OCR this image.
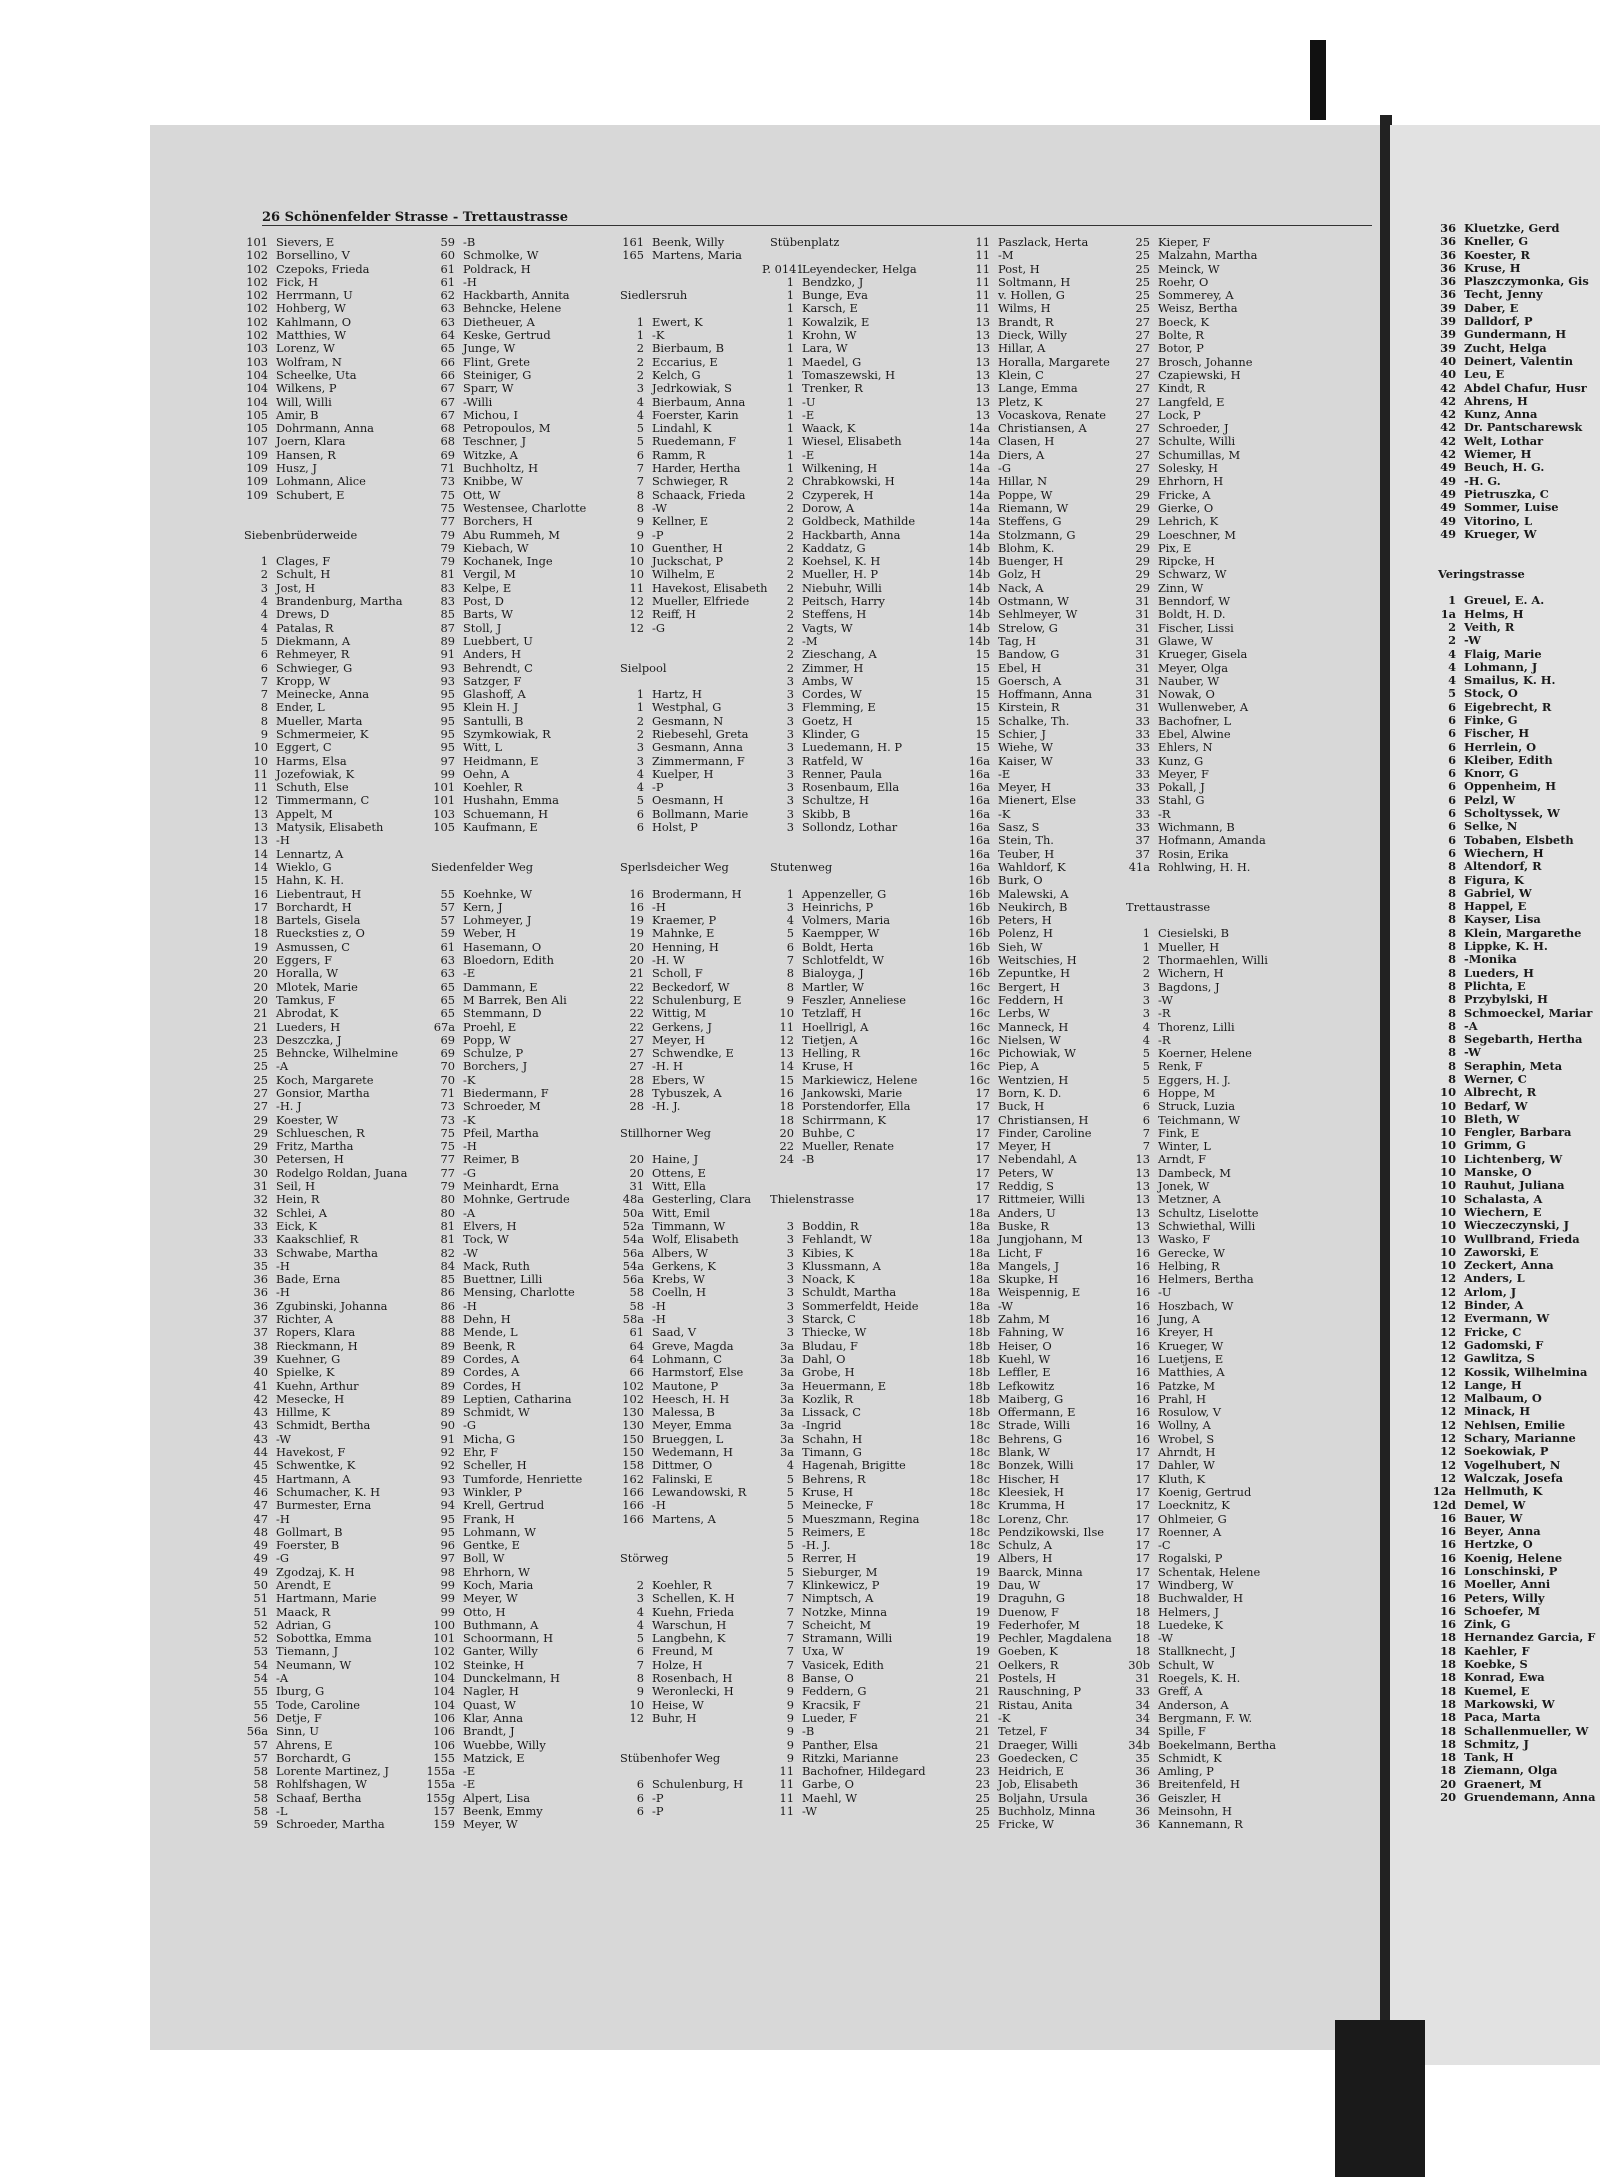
26 Schönenfelder Strasse - Trettaustrasse
101 Sievers, E
102 Borsellino, V
102 Czepoks, Frieda
102 Fick, H
102 Herrmann, U
102 Hohberg, W
102 Kahlmann, O
102 Matthies, W
103 Lorenz, W
103 Wolfram, N
104 Scheelke, Uta
104 Wilkens, P
104 Will, Willi
105 Amir, B
105 Dohrmann, Anna
107 Joern, Klara
109 Hansen, R
109 Husz, J
109 Lohmann, Alice
109 Schubert, E
Siebenbrüderweide
1 Clages, F
2 Schult, H
3 Jost, H
4 Brandenburg, Martha
4 Drews, D
4 Patalas, R
5 Diekmann, A
6 Rehmeyer, R
6 Schwieger, G
7 Kropp, W
7 Meinecke, Anna
8 Ender, L
8 Mueller, Marta
9 Schmermeier, K
10 Eggert, C
10 Harms, Elsa
11 Jozefowiak, K
11 Schuth, Else
12 Timmermann, C
13 Appelt, M
13 Matysik, Elisabeth
13 -H
14 Lennartz, A
14 Wieklo, G
15 Hahn, K. H.
16 Liebentraut, H
17 Borchardt, H
18 Bartels, Gisela
18 Ruecksties z, O
19 Asmussen, C
20 Eggers, F
20 Horalla, W
20 Mlotek, Marie
20 Tamkus, F
21 Abrodat, K
21 Lueders, H
23 Deszczka, J
25 Behncke, Wilhelmine
25 -A
25 Koch, Margarete
27 Gonsior, Martha
27 -H. J
29 Koester, W
29 Schlueschen, R
29 Fritz, Martha
30 Petersen, H
30 Rodelgo Roldan, Juana
31 Seil, H
32 Hein, R
32 Schlei, A
33 Eick, K
33 Kaakschlief, R
33 Schwabe, Martha
35 -H
36 Bade, Erna
36 -H
36 Zgubinski, Johanna
37 Richter, A
37 Ropers, Klara
38 Rieckmann, H
39 Kuehner, G
40 Spielke, K
41 Kuehn, Arthur
42 Mesecke, H
43 Hillme, K
43 Schmidt, Bertha
43 -W
44 Havekost, F
45 Schwentke, K
45 Hartmann, A
46 Schumacher, K. H
47 Burmester, Erna
47 -H
48 Gollmart, B
49 Foerster, B
49 -G
49 Zgodzaj, K. H
50 Arendt, E
51 Hartmann, Marie
51 Maack, R
52 Adrian, G
52 Sobottka, Emma
53 Tiemann, J
54 Neumann, W
54 -A
55 Iburg, G
55 Tode, Caroline
56 Detje, F
56a Sinn, U
57 Ahrens, E
57 Borchardt, G
58 Lorente Martinez, J
58 Rohlfshagen, W
58 Schaaf, Bertha
58 -L
59 Schroeder, Martha
59 -B
60 Schmolke, W
61 Poldrack, H
61 -H
62 Hackbarth, Annita
63 Behncke, Helene
63 Dietheuer, A
64 Keske, Gertrud
65 Junge, W
66 Flint, Grete
66 Steiniger, G
67 Sparr, W
67 -Willi
67 Michou, I
68 Petropoulos, M
68 Teschner, J
69 Witzke, A
71 Buchholtz, H
73 Knibbe, W
75 Ott, W
75 Westensee, Charlotte
77 Borchers, H
79 Abu Rummeh, M
79 Kiebach, W
79 Kochanek, Inge
81 Vergil, M
83 Kelpe, E
83 Post, D
85 Barts, W
87 Stoll, J
89 Luebbert, U
91 Anders, H
93 Behrendt, C
93 Satzger, F
95 Glashoff, A
95 Klein H. J
95 Santulli, B
95 Szymkowiak, R
95 Witt, L
97 Heidmann, E
99 Oehn, A
101 Koehler, R
101 Hushahn, Emma
103 Schuemann, H
105 Kaufmann, E
Siedenfelder Weg
55 Koehnke, W
57 Kern, J
57 Lohmeyer, J
59 Weber, H
61 Hasemann, O
63 Bloedorn, Edith
63 -E
65 Dammann, E
65 M Barrek, Ben Ali
65 Stemmann, D
67a Proehl, E
69 Popp, W
69 Schulze, P
70 Borchers, J
70 -K
71 Biedermann, F
73 Schroeder, M
73 -K
75 Pfeil, Martha
75 -H
77 Reimer, B
77 -G
79 Meinhardt, Erna
80 Mohnke, Gertrude
80 -A
81 Elvers, H
81 Tock, W
82 -W
84 Mack, Ruth
85 Buettner, Lilli
86 Mensing, Charlotte
86 -H
88 Dehn, H
88 Mende, L
89 Beenk, R
89 Cordes, A
89 Cordes, A
89 Cordes, H
89 Leptien, Catharina
89 Schmidt, W
90 -G
91 Micha, G
92 Ehr, F
92 Scheller, H
93 Tumforde, Henriette
93 Winkler, P
94 Krell, Gertrud
95 Frank, H
95 Lohmann, W
96 Gentke, E
97 Boll, W
98 Ehrhorn, W
99 Koch, Maria
99 Meyer, W
99 Otto, H
100 Buthmann, A
101 Schoormann, H
102 Ganter, Willy
102 Steinke, H
104 Dunckelmann, H
104 Nagler, H
104 Quast, W
106 Klar, Anna
106 Brandt, J
106 Wuebbe, Willy
155 Matzick, E
155a -E
155a -E
155g Alpert, Lisa
157 Beenk, Emmy
159 Meyer, W
161 Beenk, Willy
165 Martens, Maria
Siedlersruh
1 Ewert, K
1 -K
2 Bierbaum, B
2 Eccarius, E
2 Kelch, G
3 Jedrkowiak, S
4 Bierbaum, Anna
4 Foerster, Karin
5 Lindahl, K
5 Ruedemann, F
6 Ramm, R
7 Harder, Hertha
7 Schwieger, R
8 Schaack, Frieda
8 -W
9 Kellner, E
9 -P
10 Guenther, H
10 Juckschat, P
10 Wilhelm, E
11 Havekost, Elisabeth
12 Mueller, Elfriede
12 Reiff, H
12 -G
Sielpool
1 Hartz, H
1 Westphal, G
2 Gesmann, N
2 Riebesehl, Greta
3 Gesmann, Anna
3 Zimmermann, F
4 Kuelper, H
4 -P
5 Oesmann, H
6 Bollmann, Marie
6 Holst, P
Sperlsdeicher Weg
16 Brodermann, H
16 -H
19 Kraemer, P
19 Mahnke, E
20 Henning, H
20 -H. W
21 Scholl, F
22 Beckedorf, W
22 Schulenburg, E
22 Wittig, M
22 Gerkens, J
27 Meyer, H
27 Schwendke, E
27 -H. H
28 Ebers, W
28 Tybuszek, A
28 -H. J.
Stillhorner Weg
20 Haine, J
20 Ottens, E
31 Witt, Ella
48a Gesterling, Clara
50a Witt, Emil
52a Timmann, W
54a Wolf, Elisabeth
56a Albers, W
54a Gerkens, K
56a Krebs, W
58 Coelln, H
58 -H
58a -H
61 Saad, V
64 Greve, Magda
64 Lohmann, C
66 Harmstorf, Else
102 Mautone, P
102 Heesch, H. H
130 Malessa, B
130 Meyer, Emma
150 Brueggen, L
150 Wedemann, H
158 Dittmer, O
162 Falinski, E
166 Lewandowski, R
166 -H
166 Martens, A
Störweg
2 Koehler, R
3 Schellen, K. H
4 Kuehn, Frieda
4 Warschun, H
5 Langbehn, K
6 Freund, M
7 Holze, H
8 Rosenbach, H
9 Weronlecki, H
10 Heise, W
12 Buhr, H
Stübenhofer Weg
6 Schulenburg, H
6 -P
6 -P
Stübenplatz
P. 0141Leyendecker, Helga
1 Bendzko, J
1 Bunge, Eva
1 Karsch, E
1 Kowalzik, E
1 Krohn, W
1 Lara, W
1 Maedel, G
1 Tomaszewski, H
1 Trenker, R
1 -U
1 -E
1 Waack, K
1 Wiesel, Elisabeth
1 -E
1 Wilkening, H
2 Chrabkowski, H
2 Czyperek, H
2 Dorow, A
2 Goldbeck, Mathilde
2 Hackbarth, Anna
2 Kaddatz, G
2 Koehsel, K. H
2 Mueller, H. P
2 Niebuhr, Willi
2 Peitsch, Harry
2 Steffens, H
2 Vagts, W
2 -M
2 Zieschang, A
2 Zimmer, H
3 Ambs, W
3 Cordes, W
3 Flemming, E
3 Goetz, H
3 Klinder, G
3 Luedemann, H. P
3 Ratfeld, W
3 Renner, Paula
3 Rosenbaum, Ella
3 Schultze, H
3 Skibb, B
3 Sollondz, Lothar
Stutenweg
1 Appenzeller, G
3 Heinrichs, P
4 Volmers, Maria
5 Kaempper, W
6 Boldt, Herta
7 Schlotfeldt, W
8 Bialoyga, J
8 Martler, W
9 Feszler, Anneliese
10 Tetzlaff, H
11 Hoellrigl, A
12 Tietjen, A
13 Helling, R
14 Kruse, H
15 Markiewicz, Helene
16 Jankowski, Marie
18 Porstendorfer, Ella
18 Schirrmann, K
20 Buhbe, C
22 Mueller, Renate
24 -B
Thielenstrasse
3 Boddin, R
3 Fehlandt, W
3 Kibies, K
3 Klussmann, A
3 Noack, K
3 Schuldt, Martha
3 Sommerfeldt, Heide
3 Starck, C
3 Thiecke, W
3a Bludau, F
3a Dahl, O
3a Grobe, H
3a Heuermann, E
3a Kozlik, R
3a Lissack, C
3a -Ingrid
3a Schahn, H
3a Timann, G
4 Hagenah, Brigitte
5 Behrens, R
5 Kruse, H
5 Meinecke, F
5 Mueszmann, Regina
5 Reimers, E
5 -H. J.
5 Rerrer, H
5 Sieburger, M
7 Klinkewicz, P
7 Nimptsch, A
7 Notzke, Minna
7 Scheicht, M
7 Stramann, Willi
7 Uxa, W
7 Vasicek, Edith
8 Banse, O
9 Feddern, G
9 Kracsik, F
9 Lueder, F
9 -B
9 Panther, Elsa
9 Ritzki, Marianne
11 Bachofner, Hildegard
11 Garbe, O
11 Maehl, W
11 -W
11 Paszlack, Herta
11 -M
11 Post, H
11 Soltmann, H
11 v. Hollen, G
11 Wilms, H
13 Brandt, R
13 Dieck, Willy
13 Hillar, A
13 Horalla, Margarete
13 Klein, C
13 Lange, Emma
13 Pletz, K
13 Vocaskova, Renate
14a Christiansen, A
14a Clasen, H
14a Diers, A
14a -G
14a Hillar, N
14a Poppe, W
14a Riemann, W
14a Steffens, G
14a Stolzmann, G
14b Blohm, K.
14b Buenger, H
14b Golz, H
14b Nack, A
14b Ostmann, W
14b Sehlmeyer, W
14b Strelow, G
14b Tag, H
15 Bandow, G
15 Ebel, H
15 Goersch, A
15 Hoffmann, Anna
15 Kirstein, R
15 Schalke, Th.
15 Schier, J
15 Wiehe, W
16a Kaiser, W
16a -E
16a Meyer, H
16a Mienert, Else
16a -K
16a Sasz, S
16a Stein, Th.
16a Teuber, H
16a Wahldorf, K
16b Burk, O
16b Malewski, A
16b Neukirch, B
16b Peters, H
16b Polenz, H
16b Sieh, W
16b Weitschies, H
16b Zepuntke, H
16c Bergert, H
16c Feddern, H
16c Lerbs, W
16c Manneck, H
16c Nielsen, W
16c Pichowiak, W
16c Piep, A
16c Wentzien, H
17 Born, K. D.
17 Buck, H
17 Christiansen, H
17 Finder, Caroline
17 Meyer, H
17 Nebendahl, A
17 Peters, W
17 Reddig, S
17 Rittmeier, Willi
18a Anders, U
18a Buske, R
18a Jungjohann, M
18a Licht, F
18a Mangels, J
18a Skupke, H
18a Weispennig, E
18a -W
18b Zahm, M
18b Fahning, W
18b Heiser, O
18b Kuehl, W
18b Leffler, E
18b Lefkowitz
18b Maiberg, G
18b Offermann, E
18c Strade, Willi
18c Behrens, G
18c Blank, W
18c Bonzek, Willi
18c Hischer, H
18c Kleesiek, H
18c Krumma, H
18c Lorenz, Chr.
18c Pendzikowski, Ilse
18c Schulz, A
19 Albers, H
19 Baarck, Minna
19 Dau, W
19 Draguhn, G
19 Duenow, F
19 Federhofer, M
19 Pechler, Magdalena
19 Goeben, K
21 Oelkers, R
21 Postels, H
21 Rauschning, P
21 Ristau, Anita
21 -K
21 Tetzel, F
21 Draeger, Willi
23 Goedecken, C
23 Heidrich, E
23 Job, Elisabeth
25 Boljahn, Ursula
25 Buchholz, Minna
25 Fricke, W
25 Kieper, F
25 Malzahn, Martha
25 Meinck, W
25 Roehr, O
25 Sommerey, A
25 Weisz, Bertha
27 Boeck, K
27 Bolte, R
27 Botor, P
27 Brosch, Johanne
27 Czapiewski, H
27 Kindt, R
27 Langfeld, E
27 Lock, P
27 Schroeder, J
27 Schulte, Willi
27 Schumillas, M
27 Solesky, H
29 Ehrhorn, H
29 Fricke, A
29 Gierke, O
29 Lehrich, K
29 Loeschner, M
29 Pix, E
29 Ripcke, H
29 Schwarz, W
29 Zinn, W
31 Benndorf, W
31 Boldt, H. D.
31 Fischer, Lissi
31 Glawe, W
31 Krueger, Gisela
31 Meyer, Olga
31 Nauber, W
31 Nowak, O
31 Wullenweber, A
33 Bachofner, L
33 Ebel, Alwine
33 Ehlers, N
33 Kunz, G
33 Meyer, F
33 Pokall, J
33 Stahl, G
33 -R
33 Wichmann, B
37 Hofmann, Amanda
37 Rosin, Erika
41a Rohlwing, H. H.
Trettaustrasse
1 Ciesielski, B
1 Mueller, H
2 Thormaehlen, Willi
2 Wichern, H
3 Bagdons, J
3 -W
3 -R
4 Thorenz, Lilli
4 -R
5 Koerner, Helene
5 Renk, F
5 Eggers, H. J.
6 Hoppe, M
6 Struck, Luzia
6 Teichmann, W
7 Fink, E
7 Winter, L
13 Arndt, F
13 Dambeck, M
13 Jonek, W
13 Metzner, A
13 Schultz, Liselotte
13 Schwiethal, Willi
13 Wasko, F
16 Gerecke, W
16 Helbing, R
16 Helmers, Bertha
16 -U
16 Hoszbach, W
16 Jung, A
16 Kreyer, H
16 Krueger, W
16 Luetjens, E
16 Matthies, A
16 Patzke, M
16 Prahl, H
16 Rosulow, V
16 Wollny, A
16 Wrobel, S
17 Ahrndt, H
17 Dahler, W
17 Kluth, K
17 Koenig, Gertrud
17 Loecknitz, K
17 Ohlmeier, G
17 Roenner, A
17 -C
17 Rogalski, P
17 Schentak, Helene
17 Windberg, W
18 Buchwalder, H
18 Helmers, J
18 Luedeke, K
18 -W
18 Stallknecht, J
30b Schult, W
31 Roegels, K. H.
33 Greff, A
34 Anderson, A
34 Bergmann, F. W.
34 Spille, F
34b Boekelmann, Bertha
35 Schmidt, K
36 Amling, P
36 Breitenfeld, H
36 Geiszler, H
36 Meinsohn, H
36 Kannemann, R
36 Kluetzke, Gerd
36 Kneller, G
36 Koester, R
36 Kruse, H
36 Plaszczymonka, Gis
36 Techt, Jenny
39 Daber, E
39 Dalldorf, P
39 Gundermann, H
39 Zucht, Helga
40 Deinert, Valentin
40 Leu, E
42 Abdel Chafur, Husr
42 Ahrens, H
42 Kunz, Anna
42 Dr. Pantscharewsk
42 Welt, Lothar
42 Wiemer, H
49 Beuch, H. G.
49 -H. G.
49 Pietruszka, C
49 Sommer, Luise
49 Vitorino, L
49 Krueger, W
Veringstrasse
1 Greuel, E. A.
1a Helms, H
2 Veith, R
2 -W
4 Flaig, Marie
4 Lohmann, J
4 Smailus, K. H.
5 Stock, O
6 Eigebrecht, R
6 Finke, G
6 Fischer, H
6 Herrlein, O
6 Kleiber, Edith
6 Knorr, G
6 Oppenheim, H
6 Pelzl, W
6 Scholtyssek, W
6 Selke, N
6 Tobaben, Elsbeth
6 Wiechern, H
8 Altendorf, R
8 Figura, K
8 Gabriel, W
8 Happel, E
8 Kayser, Lisa
8 Klein, Margarethe
8 Lippke, K. H.
8 -Monika
8 Lueders, H
8 Plichta, E
8 Przybylski, H
8 Schmoeckel, Mariar
8 -A
8 Segebarth, Hertha
8 -W
8 Seraphin, Meta
8 Werner, C
10 Albrecht, R
10 Bedarf, W
10 Bleth, W
10 Fengler, Barbara
10 Grimm, G
10 Lichtenberg, W
10 Manske, O
10 Rauhut, Juliana
10 Schalasta, A
10 Wiechern, E
10 Wieczeczynski, J
10 Wullbrand, Frieda
10 Zaworski, E
10 Zeckert, Anna
12 Anders, L
12 Arlom, J
12 Binder, A
12 Evermann, W
12 Fricke, C
12 Gadomski, F
12 Gawlitza, S
12 Kossik, Wilhelmina
12 Lange, H
12 Malbaum, O
12 Minack, H
12 Nehlsen, Emilie
12 Schary, Marianne
12 Soekowiak, P
12 Vogelhubert, N
12 Walczak, Josefa
12a Hellmuth, K
12d Demel, W
16 Bauer, W
16 Beyer, Anna
16 Hertzke, O
16 Koenig, Helene
16 Lonschinski, P
16 Moeller, Anni
16 Peters, Willy
16 Schoefer, M
16 Zink, G
18 Hernandez Garcia, F
18 Kaehler, F
18 Koebke, S
18 Konrad, Ewa
18 Kuemel, E
18 Markowski, W
18 Paca, Marta
18 Schallenmueller, W
18 Schmitz, J
18 Tank, H
18 Ziemann, Olga
20 Graenert, M
20 Gruendemann, Anna
